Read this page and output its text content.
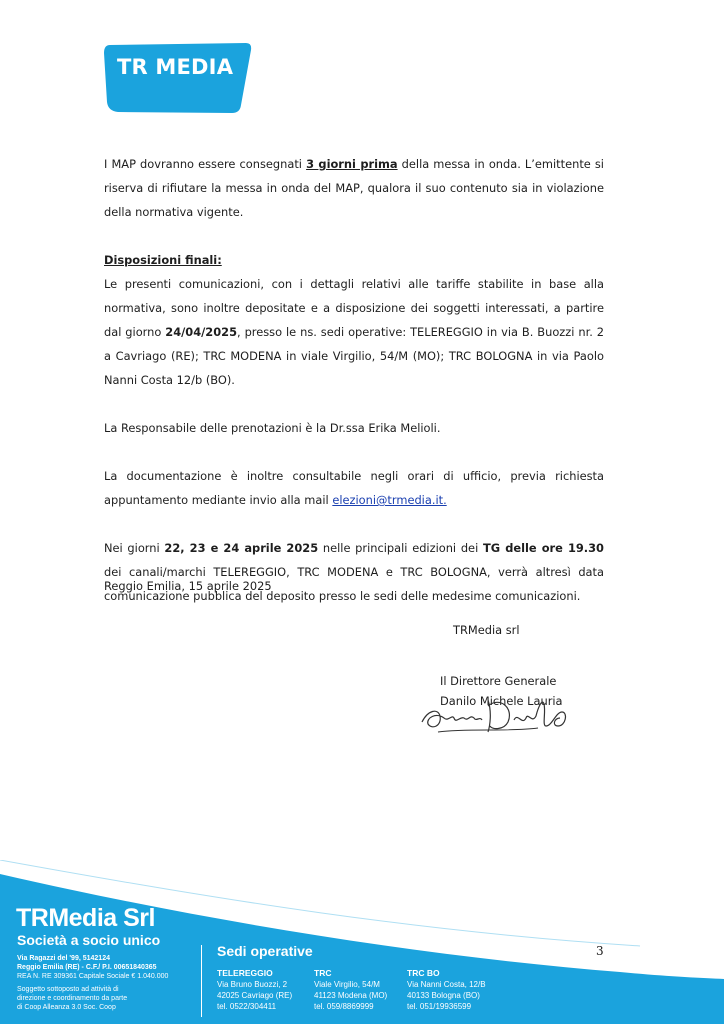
TR MEDIA

I MAP dovranno essere consegnati 3 giorni prima della messa in onda. L’emittente si riserva di rifiutare la messa in onda del MAP, qualora il suo contenuto sia in violazione della normativa vigente.

Disposizioni finali:

Le presenti comunicazioni, con i dettagli relativi alle tariffe stabilite in base alla normativa, sono inoltre depositate e a disposizione dei soggetti interessati, a partire dal giorno 24/04/2025, presso le ns. sedi operative: TELEREGGIO in via B. Buozzi nr. 2 a Cavriago (RE); TRC MODENA in viale Virgilio, 54/M (MO); TRC BOLOGNA in via Paolo Nanni Costa 12/b (BO).

La Responsabile delle prenotazioni è la Dr.ssa Erika Melioli.

La documentazione è inoltre consultabile negli orari di ufficio, previa richiesta appuntamento mediante invio alla mail elezioni@trmedia.it.

Nei giorni 22, 23 e 24 aprile 2025 nelle principali edizioni dei TG delle ore 19.30 dei canali/marchi TELEREGGIO, TRC MODENA e TRC BOLOGNA, verrà altresì data comunicazione pubblica del deposito presso le sedi delle medesime comunicazioni.

Reggio Emilia, 15 aprile 2025
TRMedia srl
Il Direttore Generale
Danilo Michele Lauria
3
TRMedia Srl
Società a socio unico
Via Ragazzi del '99, 5142124
Reggio Emilia (RE) - C.F./ P.I. 00651840365
REA N. RE 309361 Capitale Sociale € 1.040.000
Soggetto sottoposto ad attività di
direzione e coordinamento da parte
di Coop Alleanza 3.0 Soc. Coop
Sedi operative
TELEREGGIO
Via Bruno Buozzi, 2
42025 Cavriago (RE)
tel. 0522/304411
TRC
Viale Virgilio, 54/M
41123 Modena (MO)
tel. 059/8869999
TRC BO
Via Nanni Costa, 12/B
40133 Bologna (BO)
tel. 051/19936599
